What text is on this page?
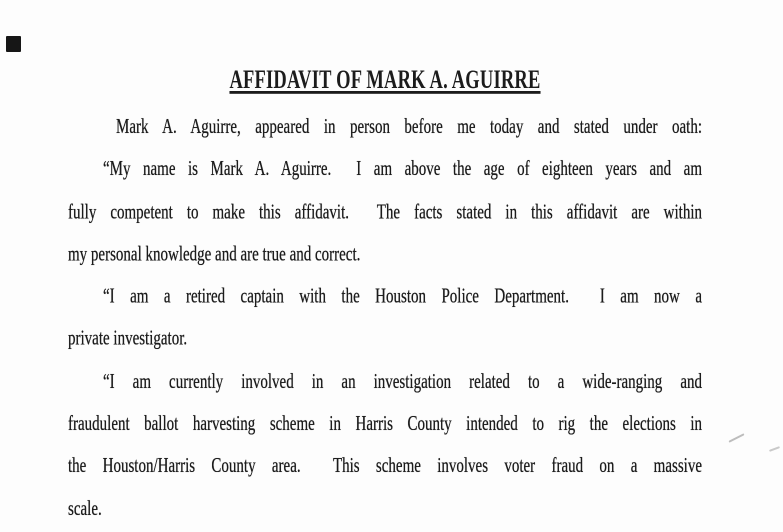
AFFIDAVIT OF MARK A. AGUIRRE
Mark A. Aguirre, appeared in person before me today and stated under oath:
“My name is Mark A. Aguirre.  I am above the age of eighteen years and am
fully competent to make this affidavit.  The facts stated in this affidavit are within
my personal knowledge and are true and correct.
“I am a retired captain with the Houston Police Department.  I am now a
private investigator.
“I am currently involved in an investigation related to a wide-ranging and
fraudulent ballot harvesting scheme in Harris County intended to rig the elections in
the Houston/Harris County area.  This scheme involves voter fraud on a massive
scale.
